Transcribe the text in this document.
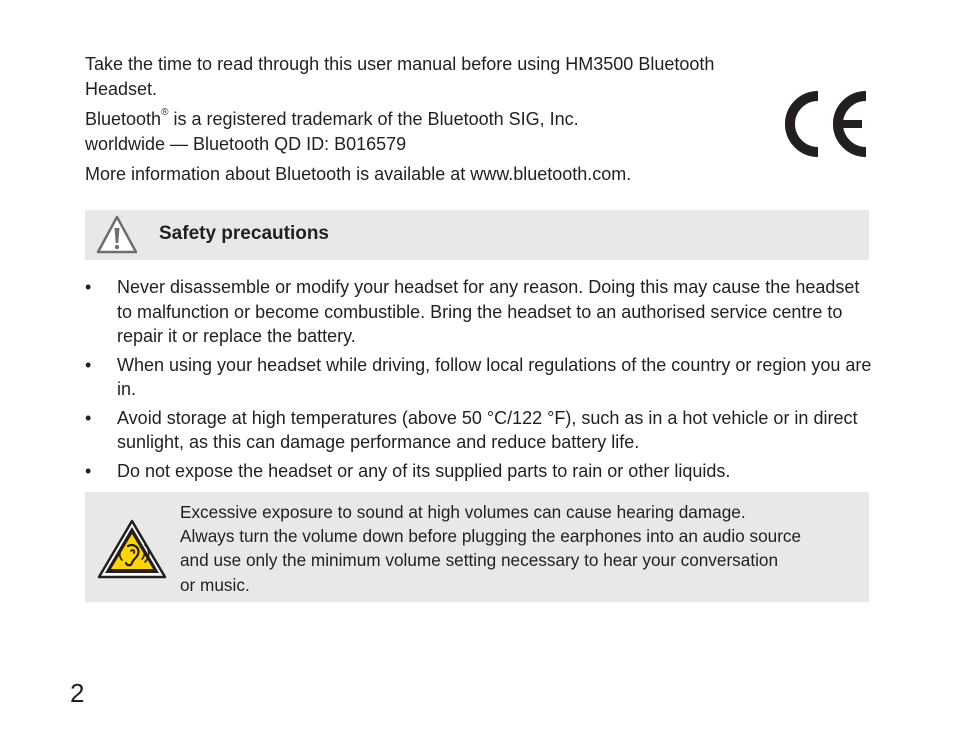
Take the time to read through this user manual before using HM3500 Bluetooth Headset.

Bluetooth® is a registered trademark of the Bluetooth SIG, Inc.
worldwide — Bluetooth QD ID: B016579

More information about Bluetooth is available at www.bluetooth.com.

Safety precautions
• Never disassemble or modify your headset for any reason. Doing this may cause the headset to malfunction or become combustible. Bring the headset to an authorised service centre to repair it or replace the battery.
• When using your headset while driving, follow local regulations of the country or region you are in.
• Avoid storage at high temperatures (above 50 °C/122 °F), such as in a hot vehicle or in direct sunlight, as this can damage performance and reduce battery life.
• Do not expose the headset or any of its supplied parts to rain or other liquids.
Excessive exposure to sound at high volumes can cause hearing damage.
Always turn the volume down before plugging the earphones into an audio source
and use only the minimum volume setting necessary to hear your conversation
or music.
2
